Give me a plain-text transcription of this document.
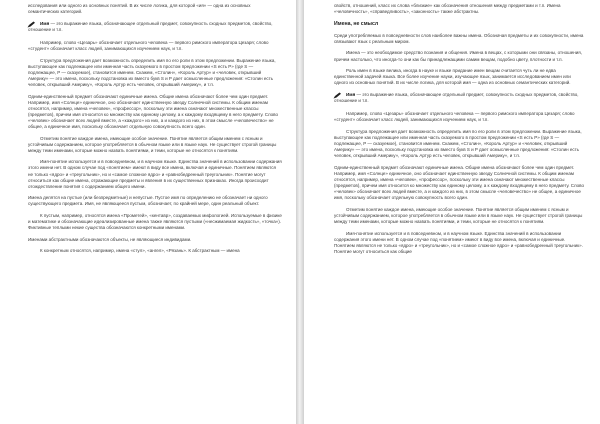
исследования или одного из основных понятий. В их числе логика, для которой «ия» — одна из основных семантических категорий.

Имя — это выражение языка, обозначающее отдельный предмет, совокупность сходных предметов, свойство, отношение и т.п.

Например, слово «Цезарь» обозначает отдельного человека — первого римского императора Цезаря; слово «студент» обозначает класс людей, занимающихся изучением наук, и т.п.

Структура предложения дает возможность определить имя по его роли в этом предложении. Выражение языка, выступающее как подлежащее или именная часть сказуемого в простом предложении «S есть P» (где S — подлежащее, P — сказуемое), становится именем. Скажем, «Столин», «Король Артур» и «человек, открывший Америку» — это имена, поскольку подстановка их вместо букв S и P дает осмысленные предложения: «Столин есть человек, открывший Америку», «Король Артур есть человек, открывший Америку», и т.п.

Одним-единственный предмет обозначают единичные имена. Общие имена обозначают более чем один предмет. Например, имя «Солнце» единичное, оно обозначает единственную звезду Солнечной системы. К общим именам относятся, например, имена «человек», «профессор», поскольку эти имена означают множественные классы (предметов), причем имя относится ко множеству как единому целому, а к каждому входящему в него предмету. Слово «человек» обозначает всех людей вместе, а «каждого» из них, а и каждого из них, в этом смысле «человечество» не общее, а единичное имя, поскольку обозначает отдельную совокупность всего один.

Отметим понятие каждое имена, имеющие особое значение. Понятие является общим именем с ясным и устойчивым содержанием, которое употребляется в обычном языке или в языке наук. Не существует строгой границы между теми именами, которые можно назвать понятиями, и теми, которые не относятся к понятиям.

Имя-понятие используется и в повседневном, и в научном языке. Единства значений в использовании содержания этого имени нет. В одном случае под «понятием» имеют в виду все имена, включая и единичные. Понятием являются не только «ядро» и «треугольник», но и «самое сложное ядро» и «равнобедренный треугольник». Понятие могут относиться как общие имена, отражающие предметы и явления в их существенных признаках. Иногда происходит отождествление понятия с содержанием общего имени.

Имена делятся на пустые (или безпредметные) и непустые. Пустое имя по определению не обозначает ни одного существующего предмета. Имя, не являющееся пустым, обозначает, по крайней мере, один реальный объект.

К пустым, например, относятся имена «Прометей», «кентавр», создаваемых мифологией. Используемые в физике и математике и обозначающие идеализированные имена также являются пустыми («несжимаемая жидкость», «точка»). Фиктивные теплыми некие существа обозначаются конкретными именами.

Именами абстрактными обозначаются объекты, не являющиеся индивидами.

К конкретным относятся, например, имена «стул», «ангел», «Рязань». К абстрактным — имена

свойств, отношений, класс их слова «близкие» как обозначения отношения между предметами и т.п. Имена «человечность», «справедливость», «законность» также абстрактны.

Имена, не смысл

Среди употребляемых в повседневности слов наиболее важны имена. Обозначая предметы и их совокупности, имена связывают язык с реальным миром.

Имена — это необходимое средство познания и общения. Имена в вещах, с которыми они связаны, отношения, причем настолько, что иногда-то они как бы принадлежащими самим вещам, подобно цвету, плотности и т.п.

Роль имен в языке велика, иногда в науке и языке придание имен вещам считается чуть ли не едва единственной задачей языка. Все более изучение науки, изучающее язык, занимается исследованием имен или одного из основных понятий. В их числе логика, для которой имя — одна из основных семантических категорий.

Имя — это выражение языка, обозначающее отдельный предмет, совокупность сходных предметов, свойство, отношение и т.п.

Например, слово «Цезарь» обозначает отдельного человека — первого римского императора Цезаря; слово «студент» обозначает класс людей, занимающихся изучением наук, и т.п.

Структура предложения дает возможность определить имя по его роли в этом предложении. Выражение языка, выступающее как подлежащее или именная часть сказуемого в простом предложении «S есть P» (где S — подлежащее, P — сказуемое), становится именем. Скажем, «Столин», «Король Артур» и «человек, открывший Америку» — это имена, поскольку подстановка их вместо букв S и P дает осмысленные предложения: «Столин есть человек, открывший Америку», «Король Артур есть человек, открывший Америку», и т.п.

Одним-единственный предмет обозначают единичные имена. Общие имена обозначают более чем один предмет. Например, имя «Солнце» единичное, оно обозначает единственную звезду Солнечной системы. К общим именам относятся, например, имена «человек», «профессор», поскольку эти имена означают множественные классы (предметов), причем имя относится ко множеству как единому целому, а к каждому входящему в него предмету. Слово «человек» обозначает всех людей вместе, а и каждого из них, в этом смысле «человечество» не общее, а единичное имя, поскольку обозначает отдельную совокупность всего один.

Отметим понятие каждое имена, имеющие особое значение. Понятие является общим именем с ясным и устойчивым содержанием, которое употребляется в обычном языке или в языке наук. Не существует строгой границы между теми именами, которые можно назвать понятиями, и теми, которые не относятся к понятиям.

Имя-понятие используется и в повседневном, и в научном языке. Единства значений в использовании содержания этого имени нет. В одном случае под «понятием» имеют в виду все имена, включая и единичные. Понятием являются не только «ядро» и «треугольник», но и «самое сложное ядро» и «равнобедренный треугольник». Понятие могут относиться как общие
